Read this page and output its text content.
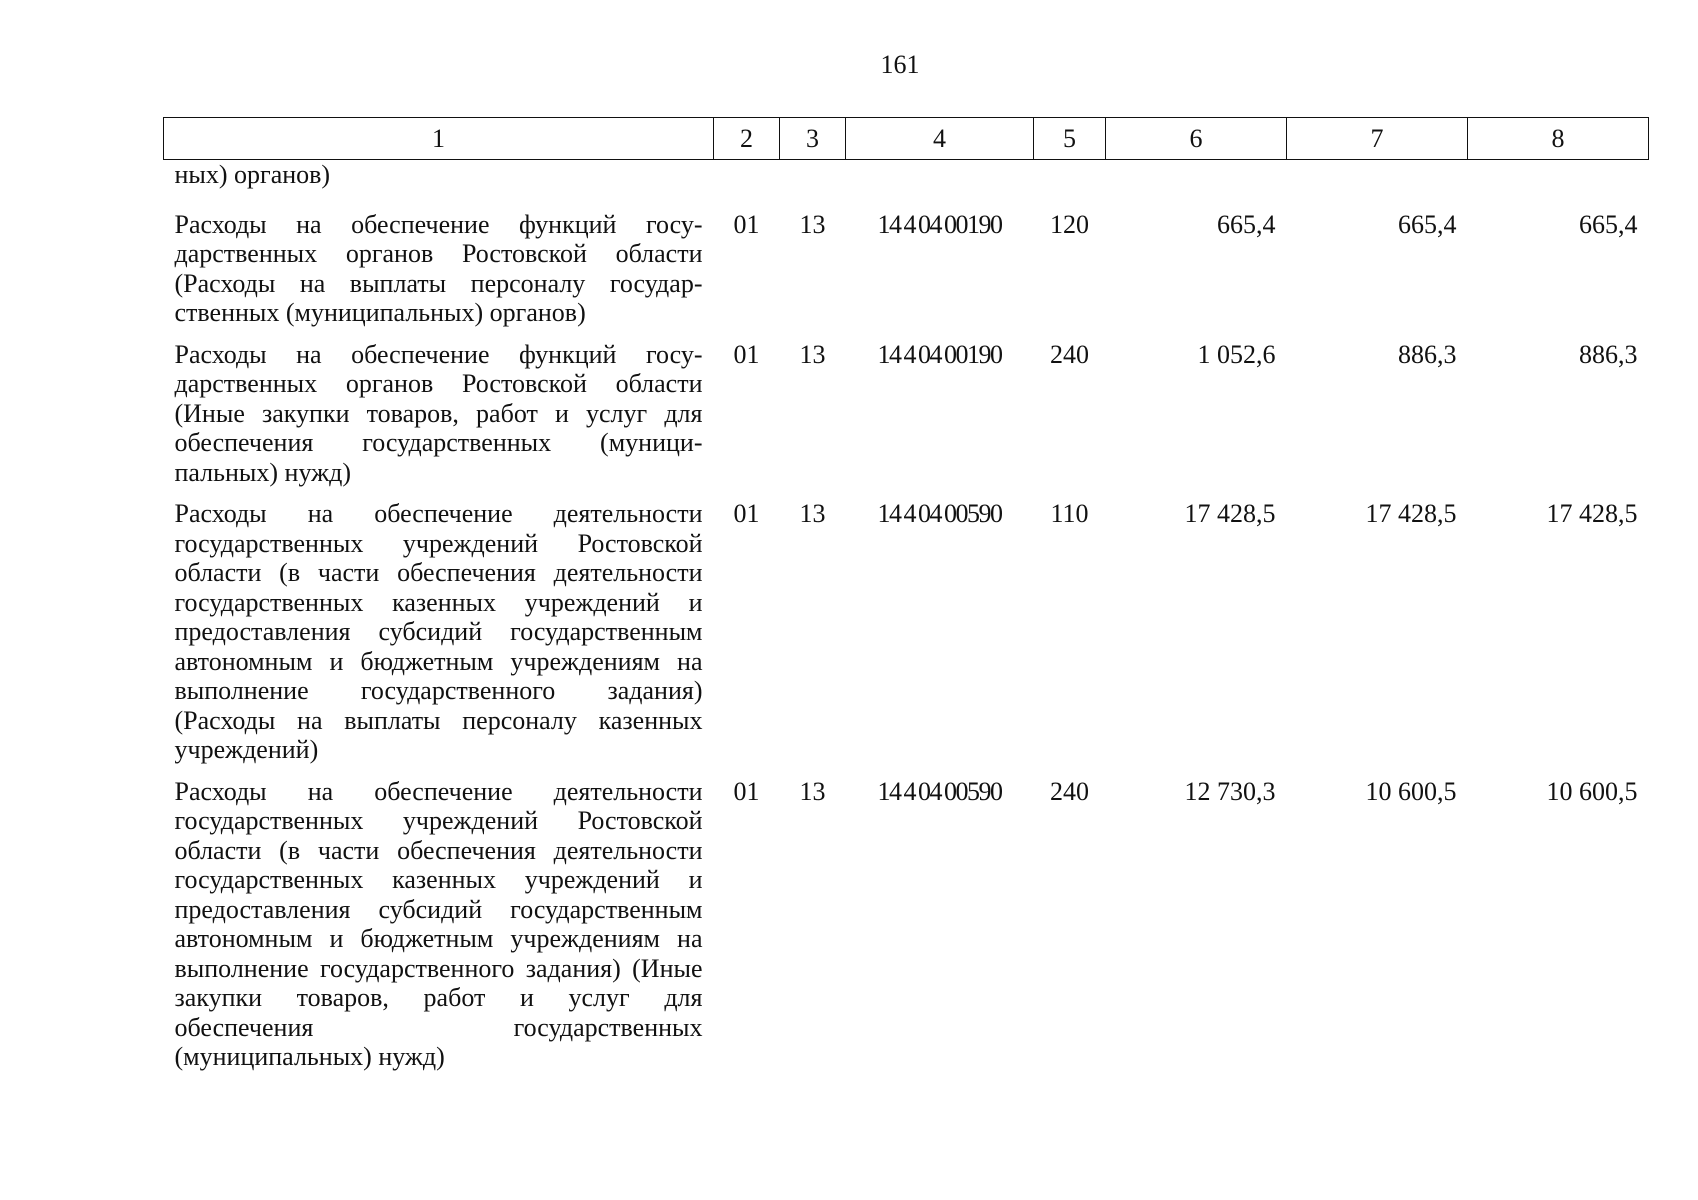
161
1	2	3	4	5	6	7	8
ных) органов)							
Расходы на обеспечение функций государственных органов Ростовской области (Расходы на выплаты персоналу государственных (муниципальных) органов)	01	13	14 4 04 00190	120	665,4	665,4	665,4
Расходы на обеспечение функций государственных органов Ростовской области (Иные закупки товаров, работ и услуг для обеспечения государственных (муниципальных) нужд)	01	13	14 4 04 00190	240	1 052,6	886,3	886,3
Расходы на обеспечение деятельности государственных учреждений Ростовской области (в части обеспечения деятельности государственных казенных учреждений и предоставления субсидий государственным автономным и бюджетным учреждениям на выполнение государственного задания) (Расходы на выплаты персоналу казенных учреждений)	01	13	14 4 04 00590	110	17 428,5	17 428,5	17 428,5
Расходы на обеспечение деятельности государственных учреждений Ростовской области (в части обеспечения деятельности государственных казенных учреждений и предоставления субсидий государственным автономным и бюджетным учреждениям на выполнение государственного задания) (Иные закупки товаров, работ и услуг для обеспечения государственных (муниципальных) нужд)	01	13	14 4 04 00590	240	12 730,3	10 600,5	10 600,5
